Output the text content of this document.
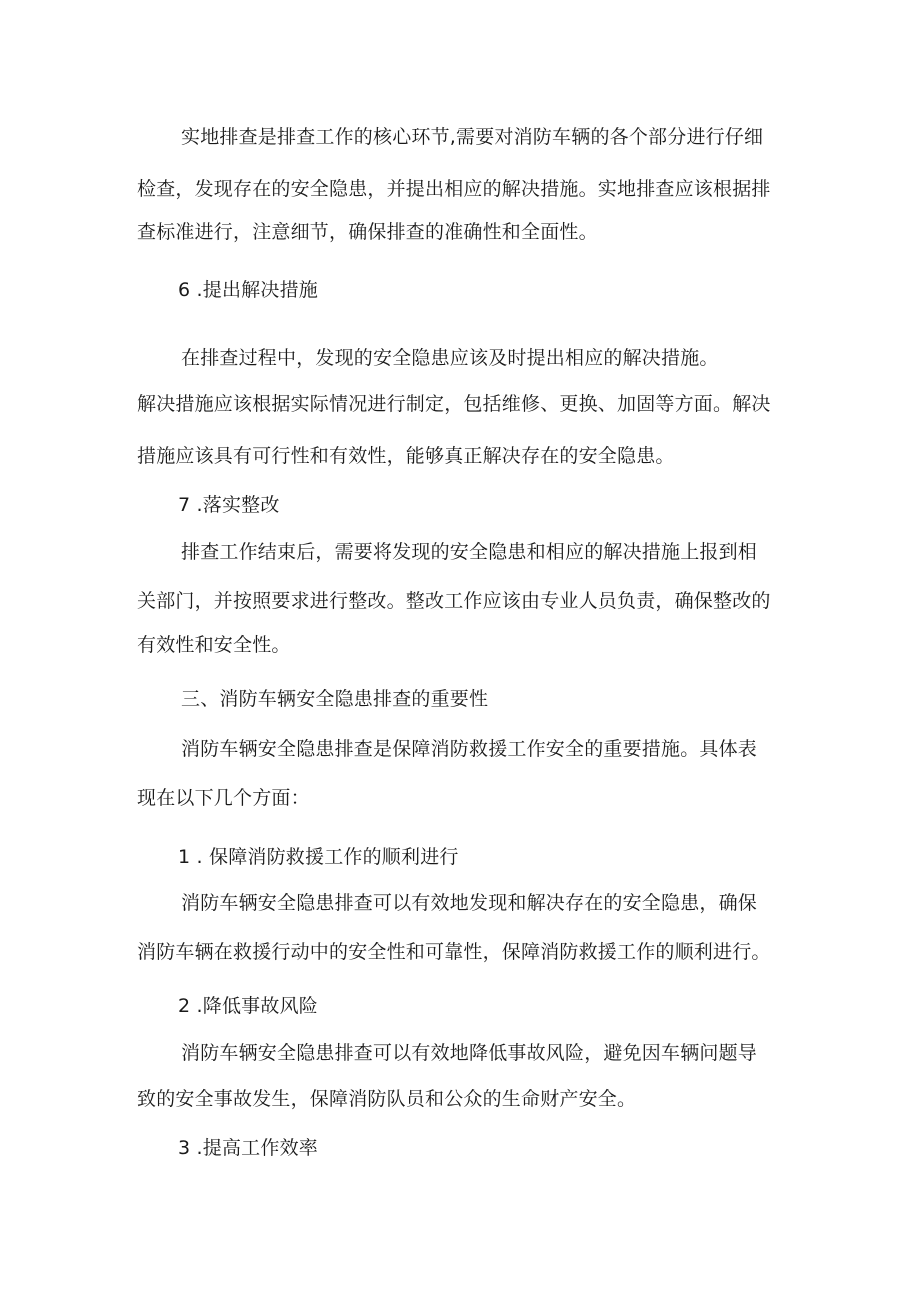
实地排查是排查工作的核心环节,需要对消防车辆的各个部分进行仔细
检查，发现存在的安全隐患，并提出相应的解决措施。实地排查应该根据排
查标准进行，注意细节，确保排查的准确性和全面性。
6 .提出解决措施
在排查过程中，发现的安全隐患应该及时提出相应的解决措施。
解决措施应该根据实际情况进行制定，包括维修、更换、加固等方面。解决
措施应该具有可行性和有效性，能够真正解决存在的安全隐患。
7 .落实整改
排查工作结束后，需要将发现的安全隐患和相应的解决措施上报到相
关部门，并按照要求进行整改。整改工作应该由专业人员负责，确保整改的
有效性和安全性。
三、消防车辆安全隐患排查的重要性
消防车辆安全隐患排查是保障消防救援工作安全的重要措施。具体表
现在以下几个方面：
1 . 保障消防救援工作的顺利进行
消防车辆安全隐患排查可以有效地发现和解决存在的安全隐患，确保
消防车辆在救援行动中的安全性和可靠性，保障消防救援工作的顺利进行。
2 .降低事故风险
消防车辆安全隐患排查可以有效地降低事故风险，避免因车辆问题导
致的安全事故发生，保障消防队员和公众的生命财产安全。
3 .提高工作效率
